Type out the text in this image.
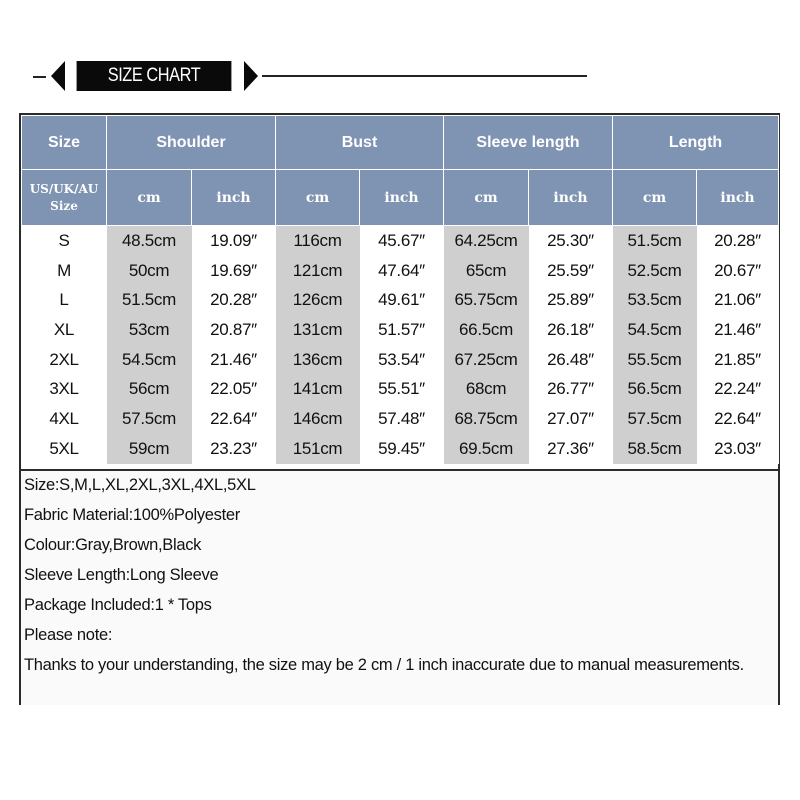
SIZE CHART
Size	Shoulder		Bust		Sleeve length		Length	
US/UK/AU Size	cm	inch	cm	inch	cm	inch	cm	inch
S	48.5cm	19.09″	116cm	45.67″	64.25cm	25.30″	51.5cm	20.28″
M	50cm	19.69″	121cm	47.64″	65cm	25.59″	52.5cm	20.67″
L	51.5cm	20.28″	126cm	49.61″	65.75cm	25.89″	53.5cm	21.06″
XL	53cm	20.87″	131cm	51.57″	66.5cm	26.18″	54.5cm	21.46″
2XL	54.5cm	21.46″	136cm	53.54″	67.25cm	26.48″	55.5cm	21.85″
3XL	56cm	22.05″	141cm	55.51″	68cm	26.77″	56.5cm	22.24″
4XL	57.5cm	22.64″	146cm	57.48″	68.75cm	27.07″	57.5cm	22.64″
5XL	59cm	23.23″	151cm	59.45″	69.5cm	27.36″	58.5cm	23.03″
Size:S,M,L,XL,2XL,3XL,4XL,5XL
Fabric Material:100%Polyester
Colour:Gray,Brown,Black
Sleeve Length:Long Sleeve
Package Included:1 * Tops
Please note:
Thanks to your understanding, the size may be 2 cm / 1 inch inaccurate due to manual measurements.
